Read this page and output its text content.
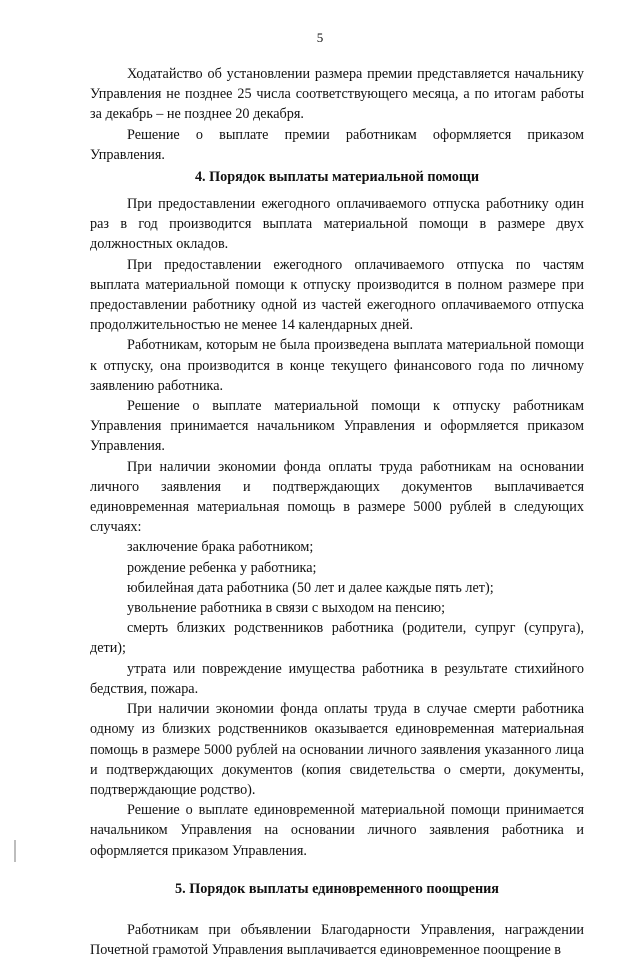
5

Ходатайство об установлении размера премии представляется начальнику Управления не позднее 25 числа соответствующего месяца, а по итогам работы за декабрь – не позднее 20 декабря.

Решение о выплате премии работникам оформляется приказом Управления.

4. Порядок выплаты материальной помощи

При предоставлении ежегодного оплачиваемого отпуска работнику один раз в год производится выплата материальной помощи в размере двух должностных окладов.

При предоставлении ежегодного оплачиваемого отпуска по частям выплата материальной помощи к отпуску производится в полном размере при предоставлении работнику одной из частей ежегодного оплачиваемого отпуска продолжительностью не менее 14 календарных дней.

Работникам, которым не была произведена выплата материальной помощи к отпуску, она производится в конце текущего финансового года по личному заявлению работника.

Решение о выплате материальной помощи к отпуску работникам Управления принимается начальником Управления и оформляется приказом Управления.

При наличии экономии фонда оплаты труда работникам на основании личного заявления и подтверждающих документов выплачивается единовременная материальная помощь в размере 5000 рублей в следующих случаях:

заключение брака работником;

рождение ребенка у работника;

юбилейная дата работника (50 лет и далее каждые пять лет);

увольнение работника в связи с выходом на пенсию;

смерть близких родственников работника (родители, супруг (супруга), дети);

утрата или повреждение имущества работника в результате стихийного бедствия, пожара.

При наличии экономии фонда оплаты труда в случае смерти работника одному из близких родственников оказывается единовременная материальная помощь в размере 5000 рублей на основании личного заявления указанного лица и подтверждающих документов (копия свидетельства о смерти, документы, подтверждающие родство).

Решение о выплате единовременной материальной помощи принимается начальником Управления на основании личного заявления работника и оформляется приказом Управления.

5. Порядок выплаты единовременного поощрения

Работникам при объявлении Благодарности Управления, награждении Почетной грамотой Управления выплачивается единовременное поощрение в
